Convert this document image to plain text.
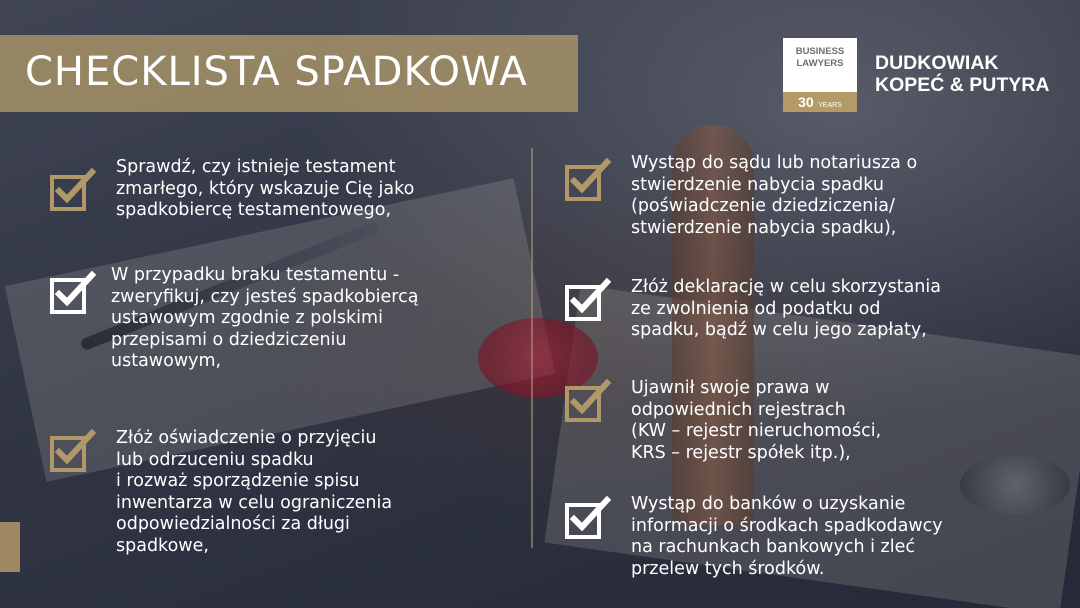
CHECKLISTA SPADKOWA	BUSINESS
LAWYERS
30 YEARS
DUDKOWIAK
KOPEĆ & PUTYRA
Sprawdź, czy istnieje testament
zmarłego, który wskazuje Cię jako
spadkobiercę testamentowego,
W przypadku braku testamentu -
zweryfikuj, czy jesteś spadkobiercą
ustawowym zgodnie z polskimi
przepisami o dziedziczeniu
ustawowym,
Złóż oświadczenie o przyjęciu
lub odrzuceniu spadku
i rozważ sporządzenie spisu
inwentarza w celu ograniczenia
odpowiedzialności za długi
spadkowe,
Wystąp do sądu lub notariusza o
stwierdzenie nabycia spadku
(poświadczenie dziedziczenia/
stwierdzenie nabycia spadku),
Złóż deklarację w celu skorzystania
ze zwolnienia od podatku od
spadku, bądź w celu jego zapłaty,
Ujawnił swoje prawa w
odpowiednich rejestrach
(KW – rejestr nieruchomości,
KRS – rejestr spółek itp.),
Wystąp do banków o uzyskanie
informacji o środkach spadkodawcy
na rachunkach bankowych i zleć
przelew tych środków.
